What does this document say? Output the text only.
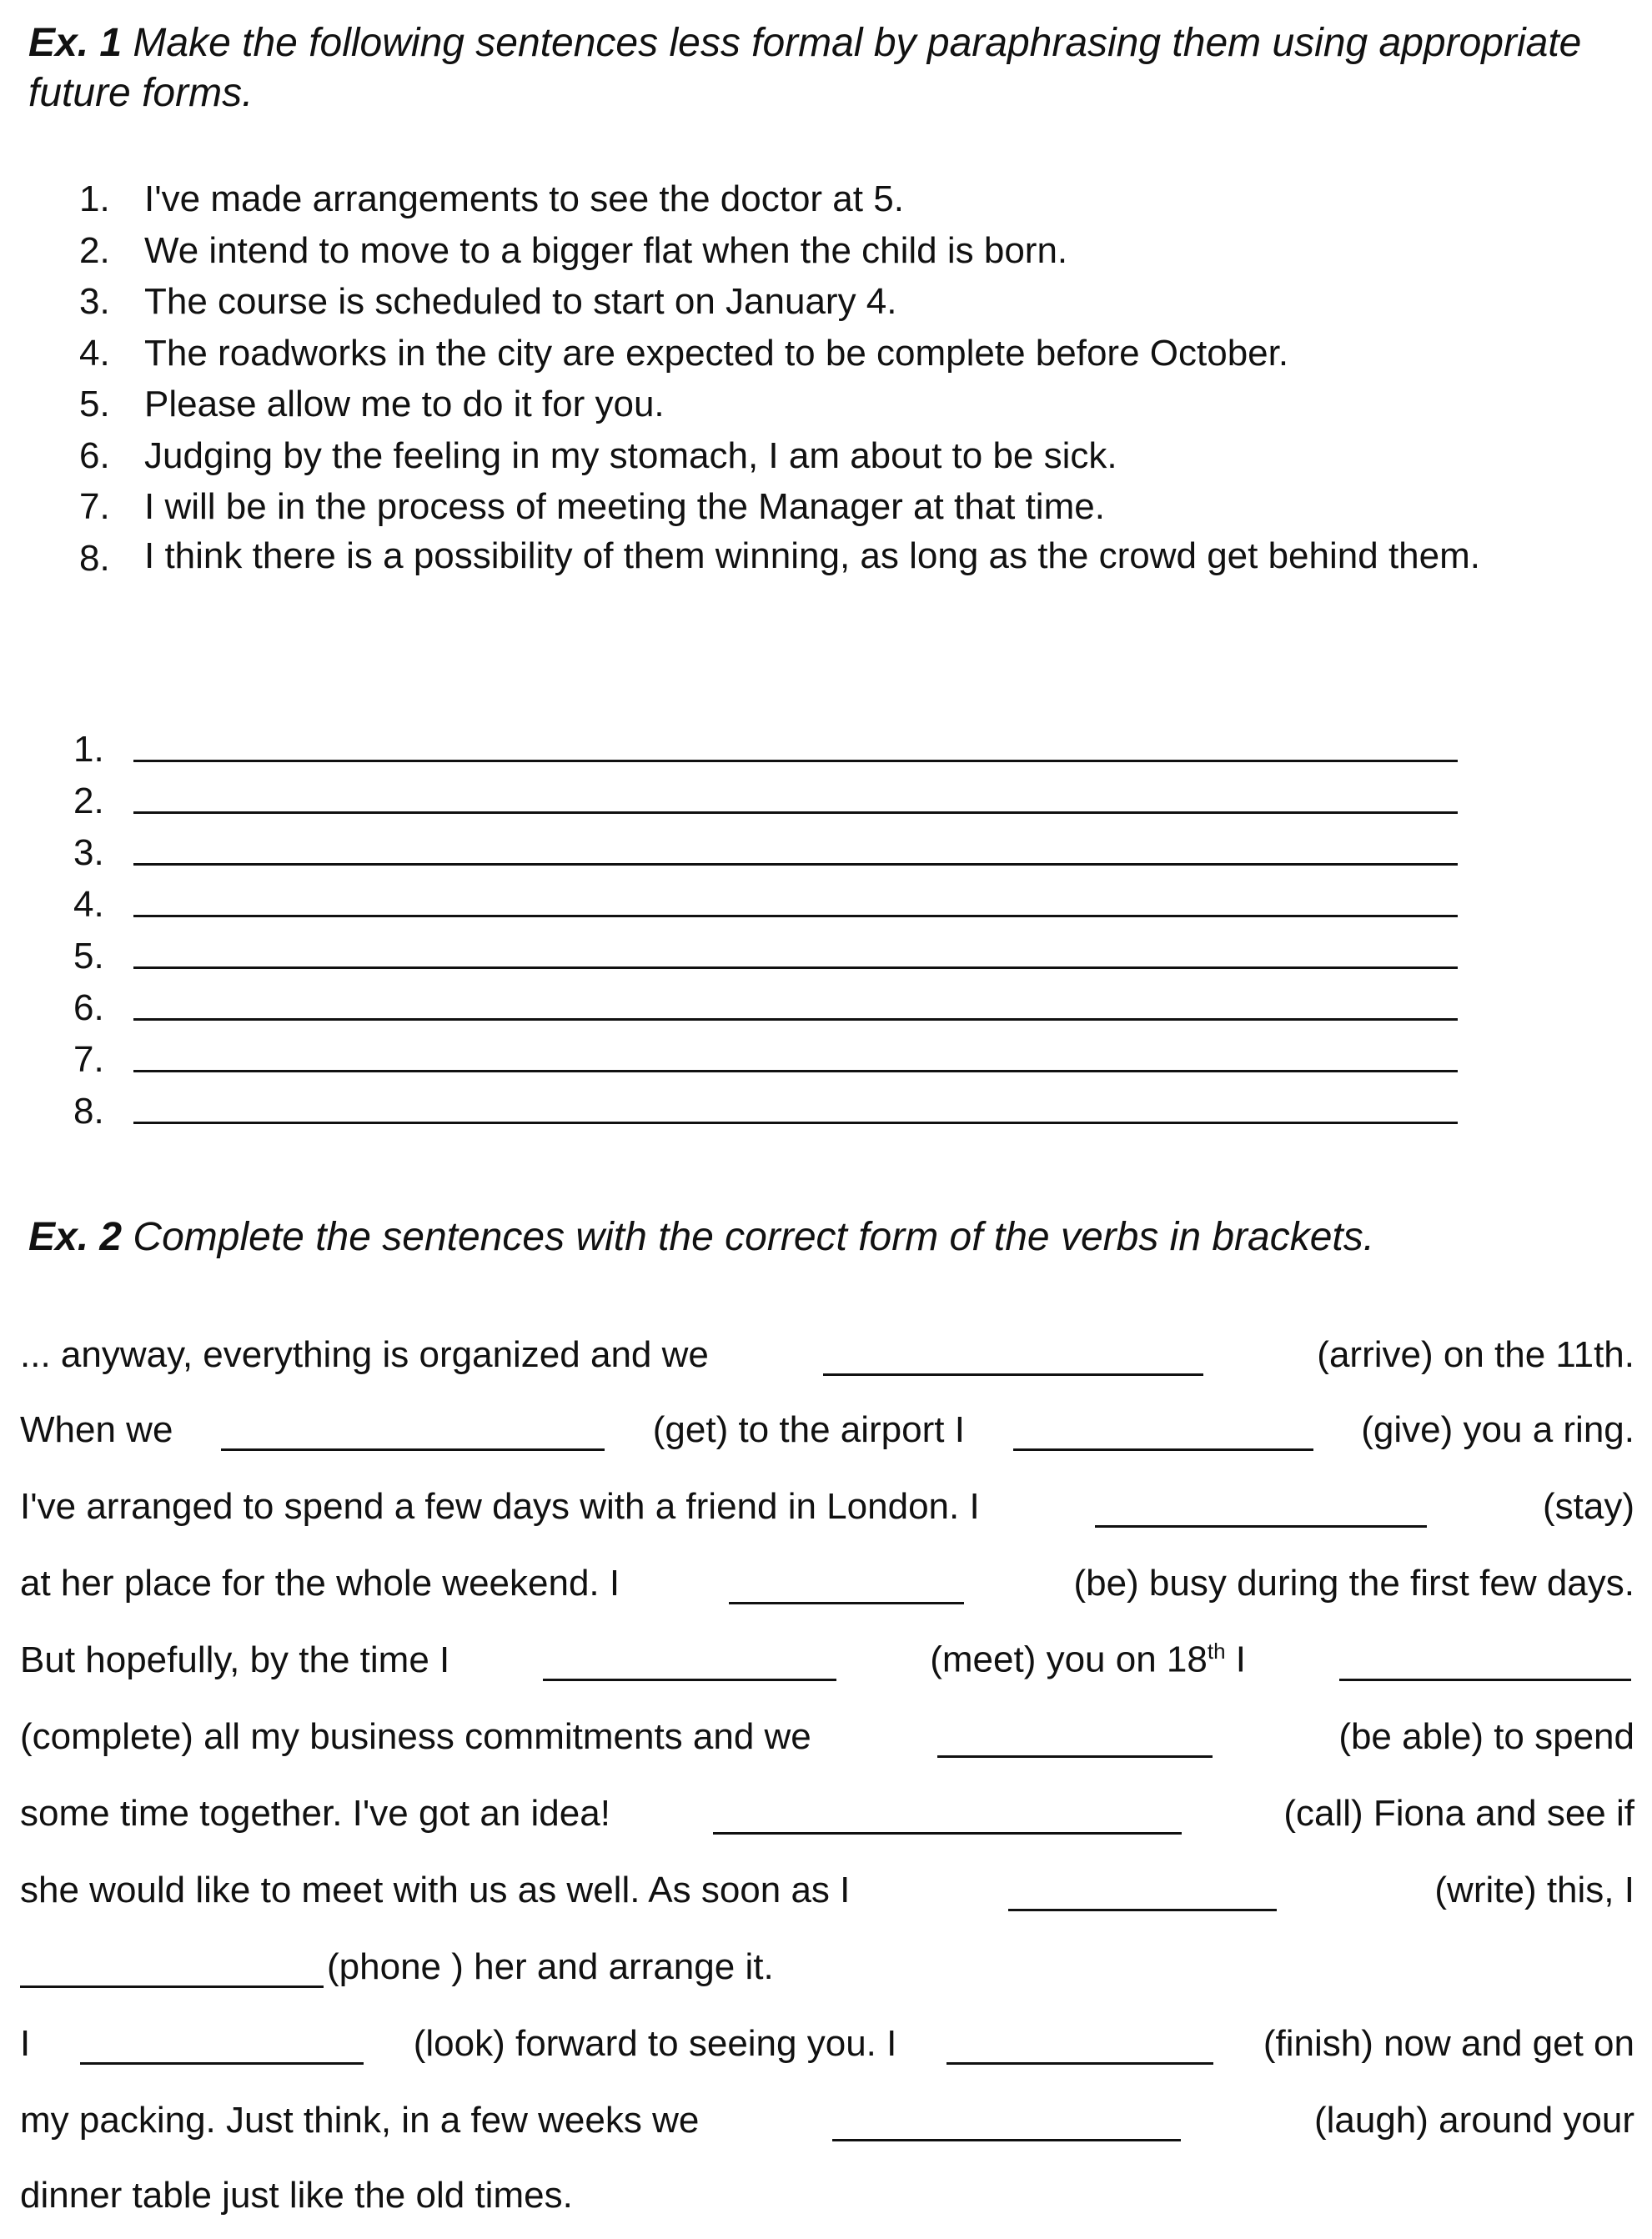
Ex. 1 Make the following sentences less formal by paraphrasing them using appropriate future forms.
1. I've made arrangements to see the doctor at 5.
2. We intend to move to a bigger flat when the child is born.
3. The course is scheduled to start on January 4.
4. The roadworks in the city are expected to be complete before October.
5. Please allow me to do it for you.
6. Judging by the feeling in my stomach, I am about to be sick.
7. I will be in the process of meeting the Manager at that time.
8. I think there is a possibility of them winning, as long as the crowd get behind them.
1.
2.
3.
4.
5.
6.
7.
8.
Ex. 2 Complete the sentences with the correct form of the verbs in brackets.
... anyway, everything is organized and we	(arrive) on the 11th.
When we	(get) to the airport I	(give) you a ring.
I've arranged to spend a few days with a friend in London. I	(stay)
at her place for the whole weekend. I	(be) busy during the first few days.
But hopefully, by the time I	(meet) you on 18th I
(complete) all my business commitments and we	(be able) to spend
some time together. I've got an idea!	(call) Fiona and see if
she would like to meet with us as well. As soon as I	(write) this, I
(phone ) her and arrange it.
I	(look) forward to seeing you. I	(finish) now and get on
my packing. Just think, in a few weeks we	(laugh) around your
dinner table just like the old times.
